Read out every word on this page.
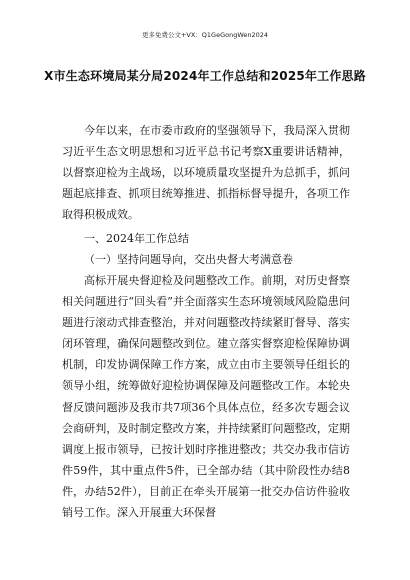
更多免费公文+VX：Q1GeGongWen2024
X市生态环境局某分局2024年工作总结和2025年工作思路

今年以来，在市委市政府的坚强领导下，我局深入贯彻习近平生态文明思想和习近平总书记考察X重要讲话精神，以督察迎检为主战场，以环境质量攻坚提升为总抓手，抓问题起底排查、抓项目统筹推进、抓指标督导提升，各项工作取得积极成效。

一、2024年工作总结
（一）坚持问题导向，交出央督大考满意卷

高标开展央督迎检及问题整改工作。前期，对历史督察相关问题进行“回头看”并全面落实生态环境领域风险隐患问题进行滚动式排查整治，并对问题整改持续紧盯督导、落实闭环管理，确保问题整改到位。建立落实督察迎检保障协调机制，印发协调保障工作方案，成立由市主要领导任组长的领导小组，统筹做好迎检协调保障及问题整改工作。本轮央督反馈问题涉及我市共7项36个具体点位，经多次专题会议会商研判，及时制定整改方案，并持续紧盯问题整改，定期调度上报市领导，已按计划时序推进整改；共交办我市信访件59件，其中重点件5件，已全部办结（其中阶段性办结8件，办结52件），目前正在牵头开展第一批交办信访件验收销号工作。深入开展重大环保督
